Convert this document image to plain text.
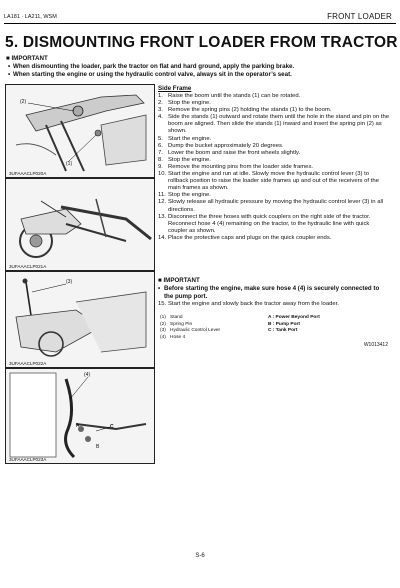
LA181 · LA211, WSM	FRONT LOADER
5. DISMOUNTING FRONT LOADER FROM TRACTOR
■ IMPORTANT
• When dismounting the loader, park the tractor on flat and hard ground, apply the parking brake.
• When starting the engine or using the hydraulic control valve, always sit in the operator’s seat.
(2)
(1)
3UFAAACLP020A
3UFAAACLP021A
(3)
3UFAAACLP022A
(4)
A
B
C
3UFAAACLP023A
Side Frame
1. Raise the boom until the stands (1) can be rotated.
2. Stop the engine.
3. Remove the spring pins (2) holding the stands (1) to the boom.
4. Side the stands (1) outward and rotate them until the hole in the stand and pin on the boom are aligned. Then slide the stands (1) inward and insert the spring pin (2) as shown.
5. Start the engine.
6. Dump the bucket approximately 20 degrees.
7. Lower the boom and raise the front wheels slightly.
8. Stop the engine.
9. Remove the mounting pins from the loader side frames.
10. Start the engine and run at idle. Slowly move the hydraulic control lever (3) to rollback position to raise the loader side frames up and out of the receivers of the main frames as shown.
11. Stop the engine.
12. Slowly release all hydraulic pressure by moving the hydraulic control lever (3) in all directions.
13. Disconnect the three hoses with quick couplers on the right side of the tractor. Reconnect hose 4 (4) remaining on the tractor, to the hydraulic line with quick coupler as shown.
14. Place the protective caps and plugs on the quick coupler ends.
■ IMPORTANT
• Before starting the engine, make sure hose 4 (4) is securely connected to the pump port.
15. Start the engine and slowly back the tractor away from the loader.
(1) Stand	A : Power Beyond Port
(2) Spring Pin	B : Pump Port
(3) Hydraulic Control Lever	C : Tank Port
(4) Hose 4
W1013412
S-6
